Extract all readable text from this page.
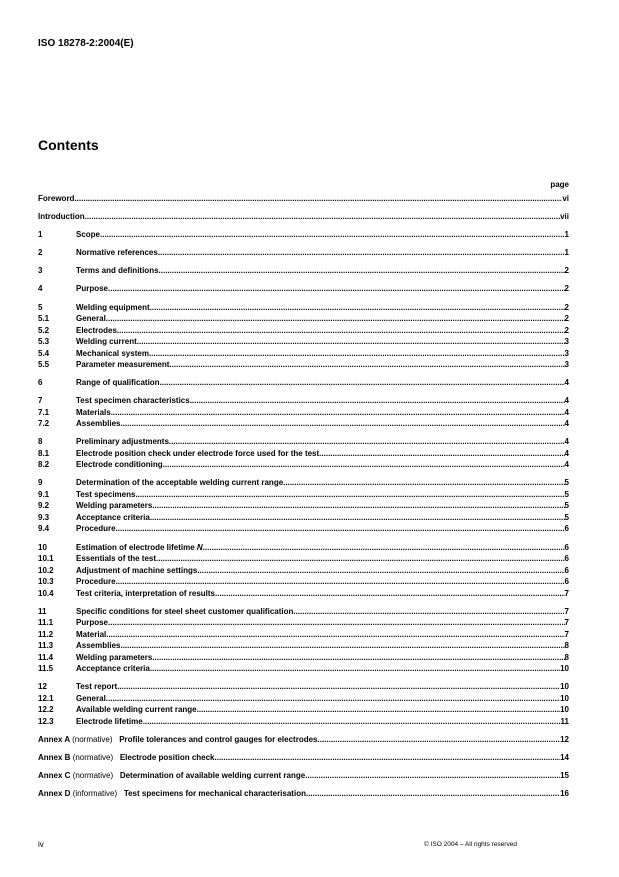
ISO 18278-2:2004(E)
Contents
page
Foreword .....	vi
Introduction .....	vii
1	Scope .....	1
2	Normative references .....	1
3	Terms and definitions .....	2
4	Purpose .....	2
5	Welding equipment .....	2
5.1	General .....	2
5.2	Electrodes .....	2
5.3	Welding current .....	3
5.4	Mechanical system .....	3
5.5	Parameter measurement .....	3
6	Range of qualification .....	4
7	Test specimen characteristics .....	4
7.1	Materials .....	4
7.2	Assemblies .....	4
8	Preliminary adjustments .....	4
8.1	Electrode position check under electrode force used for the test .....	4
8.2	Electrode conditioning .....	4
9	Determination of the acceptable welding current range .....	5
9.1	Test specimens .....	5
9.2	Welding parameters .....	5
9.3	Acceptance criteria .....	5
9.4	Procedure .....	6
10	Estimation of electrode lifetime N .....	6
10.1	Essentials of the test .....	6
10.2	Adjustment of machine settings .....	6
10.3	Procedure .....	6
10.4	Test criteria, interpretation of results .....	7
11	Specific conditions for steel sheet customer qualification .....	7
11.1	Purpose .....	7
11.2	Material .....	7
11.3	Assemblies .....	8
11.4	Welding parameters .....	8
11.5	Acceptance criteria .....	10
12	Test report .....	10
12.1	General .....	10
12.2	Available welding current range .....	10
12.3	Electrode lifetime .....	11
Annex A (normative) Profile tolerances and control gauges for electrodes .....	12
Annex B (normative) Electrode position check .....	14
Annex C (normative) Determination of available welding current range .....	15
Annex D (informative) Test specimens for mechanical characterisation .....	16
iv	© ISO 2004 – All rights reserved
